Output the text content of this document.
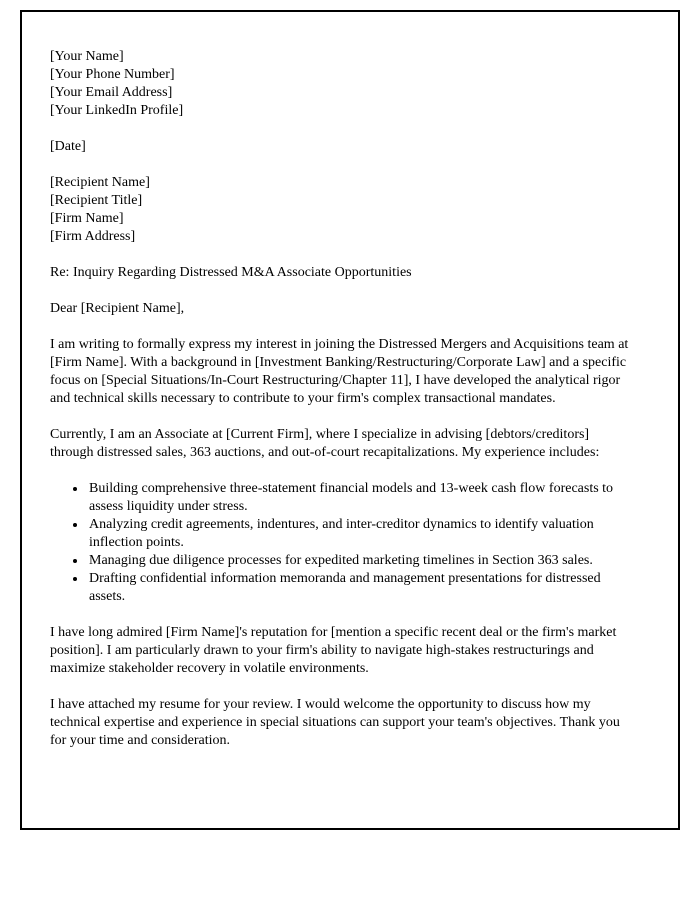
[Your Name]

[Your Phone Number]

[Your Email Address]

[Your LinkedIn Profile]

[Date]

[Recipient Name]

[Recipient Title]

[Firm Name]

[Firm Address]

Re: Inquiry Regarding Distressed M&A Associate Opportunities

Dear [Recipient Name],

I am writing to formally express my interest in joining the Distressed Mergers and Acquisitions team at [Firm Name]. With a background in [Investment Banking/Restructuring/Corporate Law] and a specific focus on [Special Situations/In-Court Restructuring/Chapter 11], I have developed the analytical rigor and technical skills necessary to contribute to your firm's complex transactional mandates.

Currently, I am an Associate at [Current Firm], where I specialize in advising [debtors/creditors] through distressed sales, 363 auctions, and out-of-court recapitalizations. My experience includes:

• Building comprehensive three-statement financial models and 13-week cash flow forecasts to assess liquidity under stress.
• Analyzing credit agreements, indentures, and inter-creditor dynamics to identify valuation inflection points.
• Managing due diligence processes for expedited marketing timelines in Section 363 sales.
• Drafting confidential information memoranda and management presentations for distressed assets.

I have long admired [Firm Name]'s reputation for [mention a specific recent deal or the firm's market position]. I am particularly drawn to your firm's ability to navigate high-stakes restructurings and maximize stakeholder recovery in volatile environments.

I have attached my resume for your review. I would welcome the opportunity to discuss how my technical expertise and experience in special situations can support your team's objectives. Thank you for your time and consideration.
